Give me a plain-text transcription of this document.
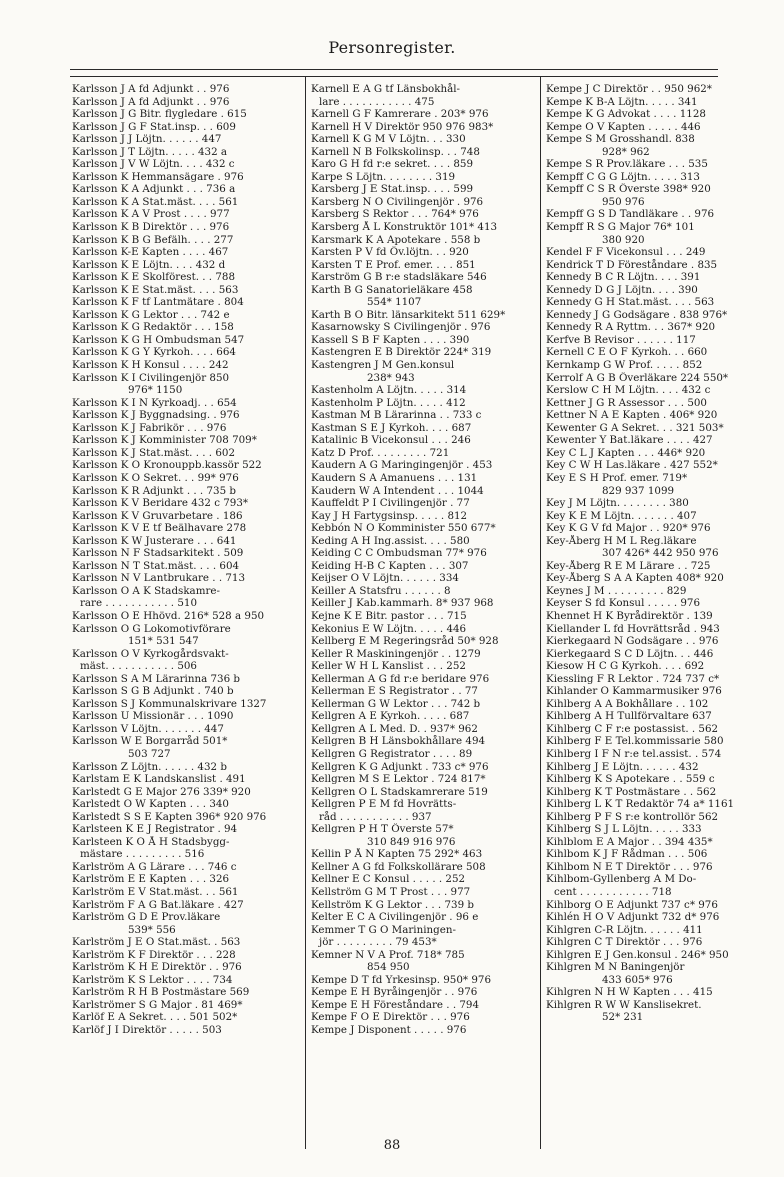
Personregister.
Karlsson J A fd Adjunkt . . 976
Karlsson J A fd Adjunkt . . 976
Karlsson J G Bitr. flygledare . 615
Karlsson J G F Stat.insp. . . 609
Karlsson J J Löjtn. . . . . . 447
Karlsson J T Löjtn. . . . . 432 a
Karlsson J V W Löjtn. . . . 432 c
Karlsson K Hemmansägare . 976
Karlsson K A Adjunkt . . . 736 a
Karlsson K A Stat.mäst. . . . 561
Karlsson K A V Prost . . . . 977
Karlsson K B Direktör . . . 976
Karlsson K B G Befälh. . . . 277
Karlsson K-E Kapten . . . . 467
Karlsson K E Löjtn. . . . 432 d
Karlsson K E Skolförest. . . 788
Karlsson K E Stat.mäst. . . . 563
Karlsson K F tf Lantmätare . 804
Karlsson K G Lektor . . . 742 e
Karlsson K G Redaktör . . . 158
Karlsson K G H Ombudsman 547
Karlsson K G Y Kyrkoh. . . . 664
Karlsson K H Konsul . . . . 242
Karlsson K I Civilingenjör 850
976* 1150
Karlsson K I N Kyrkoadj. . . 654
Karlsson K J Byggnadsing. . 976
Karlsson K J Fabrikör . . . 976
Karlsson K J Komminister 708 709*
Karlsson K J Stat.mäst. . . . 602
Karlsson K O Kronouppb.kassör 522
Karlsson K O Sekret. . . 99* 976
Karlsson K R Adjunkt . . . 735 b
Karlsson K V Beridare 432 c 793*
Karlsson K V Gruvarbetare . 186
Karlsson K V E tf Beälhavare 278
Karlsson K W Justerare . . . 641
Karlsson N F Stadsarkitekt . 509
Karlsson N T Stat.mäst. . . . 604
Karlsson N V Lantbrukare . . 713
Karlsson O A K Stadskamre-
rare . . . . . . . . . . . 510
Karlsson O E Hhövd. 216* 528 a 950
Karlsson O G Lokomotivförare
151* 531 547
Karlsson O V Kyrkogårdsvakt-
mäst. . . . . . . . . . . 506
Karlsson S A M Lärarinna 736 b
Karlsson S G B Adjunkt . 740 b
Karlsson S J Kommunalskrivare 1327
Karlsson U Missionär . . . 1090
Karlsson V Löjtn. . . . . . . 447
Karlsson W E Borgarråd 501*
503 727
Karlsson Z Löjtn. . . . . . 432 b
Karlstam E K Landskanslist . 491
Karlstedt G E Major 276 339* 920
Karlstedt O W Kapten . . . 340
Karlstedt S S E Kapten 396* 920 976
Karlsteen K E J Registrator . 94
Karlsteen K O Å H Stadsbygg-
mästare . . . . . . . . . 516
Karlström A G Lärare . . . 746 c
Karlström E E Kapten . . . 326
Karlström E V Stat.mäst. . . 561
Karlström F A G Bat.läkare . 427
Karlström G D E Prov.läkare
539* 556
Karlström J E O Stat.mäst. . 563
Karlström K F Direktör . . . 228
Karlström K H E Direktör . . 976
Karlström K S Lektor . . . . 734
Karlström R H B Postmästare 569
Karlströmer S G Major . 81 469*
Karlöf E A Sekret. . . . 501 502*
Karlöf J I Direktör . . . . . 503
Karnell E A G tf Länsbokhål-
lare . . . . . . . . . . . 475
Karnell G F Kamrerare . 203* 976
Karnell H V Direktör 950 976 983*
Karnell K G M V Löjtn. . . 330
Karnell N B Folkskolinsp. . . 748
Karo G H fd r:e sekret. . . . 859
Karpe S Löjtn. . . . . . . . 319
Karsberg J E Stat.insp. . . . 599
Karsberg N O Civilingenjör . 976
Karsberg S Rektor . . . 764* 976
Karsberg Å L Konstruktör 101* 413
Karsmark K A Apotekare . 558 b
Karsten P V fd Öv.löjtn. . . 920
Karsten T E Prof. emer. . . . 851
Karström G B r:e stadsläkare 546
Karth B G Sanatorieläkare 458
554* 1107
Karth B O Bitr. länsarkitekt 511 629*
Kasarnowsky S Civilingenjör . 976
Kassell S B F Kapten . . . . 390
Kastengren E B Direktör 224* 319
Kastengren J M Gen.konsul
238* 943
Kastenholm A Löjtn. . . . . 314
Kastenholm P Löjtn. . . . . 412
Kastman M B Lärarinna . . 733 c
Kastman S E J Kyrkoh. . . . 687
Katalinic B Vicekonsul . . . 246
Katz D Prof. . . . . . . . . 721
Kaudern A G Maringingenjör . 453
Kaudern S A Amanuens . . . 131
Kaudern W A Intendent . . . 1044
Kauffeldt P I Civilingenjör . 77
Kay J H Fartygsinsp. . . . . 812
Kebbón N O Komminister 550 677*
Keding A H Ing.assist. . . . 580
Keiding C C Ombudsman 77* 976
Keiding H-B C Kapten . . . 307
Keijser O V Löjtn. . . . . . 334
Keiller A Statsfru . . . . . . 8
Keiller J Kab.kammarh. 8* 937 968
Kejne K E Bitr. pastor . . . 715
Kekonius E W Löjtn. . . . . 446
Kellberg E M Regeringsråd 50* 928
Keller R Maskiningenjör . . 1279
Keller W H L Kanslist . . . 252
Kellerman A G fd r:e beridare 976
Kellerman E S Registrator . . 77
Kellerman G W Lektor . . . 742 b
Kellgren A E Kyrkoh. . . . . 687
Kellgren A L Med. D. . 937* 962
Kellgren B H Länsbokhållare 494
Kellgren G Registrator . . . . 89
Kellgren K G Adjunkt . 733 c* 976
Kellgren M S E Lektor . 724 817*
Kellgren O L Stadskamrerare 519
Kellgren P E M fd Hovrätts-
råd . . . . . . . . . . . 937
Kellgren P H T Överste 57*
310 849 916 976
Kellin P Å N Kapten 75 292* 463
Kellner A G fd Folkskollärare 508
Kellner E C Konsul . . . . . 252
Kellström G M T Prost . . . 977
Kellström K G Lektor . . . 739 b
Kelter E C A Civilingenjör . 96 e
Kemmer T G O Mariningen-
jör . . . . . . . . . 79 453*
Kemner N V A Prof. 718* 785
854 950
Kempe D T fd Yrkesinsp. 950* 976
Kempe E H Byråingenjör . . 976
Kempe E H Föreståndare . . 794
Kempe F O E Direktör . . . 976
Kempe J Disponent . . . . . 976
Kempe J C Direktör . . 950 962*
Kempe K B-A Löjtn. . . . . 341
Kempe K G Advokat . . . . 1128
Kempe O V Kapten . . . . . 446
Kempe S M Grosshandl. 838
928* 962
Kempe S R Prov.läkare . . . 535
Kempff C G G Löjtn. . . . . 313
Kempff C S R Överste 398* 920
950 976
Kempff G S D Tandläkare . . 976
Kempff R S G Major 76* 101
380 920
Kendel F F Vicekonsul . . . 249
Kendrick T D Föreståndare . 835
Kennedy B C R Löjtn. . . . 391
Kennedy D G J Löjtn. . . . 390
Kennedy G H Stat.mäst. . . . 563
Kennedy J G Godsägare . 838 976*
Kennedy R A Ryttm. . . 367* 920
Kerfve B Revisor . . . . . . 117
Kernell C E O F Kyrkoh. . . 660
Kernkamp G W Prof. . . . . 852
Kerrolf A G B Överläkare 224 550*
Kerslow C H M Löjtn. . . . 432 c
Kettner J G R Assessor . . . 500
Kettner N A E Kapten . 406* 920
Kewenter G A Sekret. . . 321 503*
Kewenter Y Bat.läkare . . . . 427
Key C L J Kapten . . . 446* 920
Key C W H Las.läkare . 427 552*
Key E S H Prof. emer. 719*
829 937 1099
Key J M Löjtn. . . . . . . . 380
Key K E M Löjtn. . . . . . . 407
Key K G V fd Major . . 920* 976
Key-Åberg H M L Reg.läkare
307 426* 442 950 976
Key-Åberg R E M Lärare . . 725
Key-Åberg S A A Kapten 408* 920
Keynes J M . . . . . . . . . 829
Keyser S fd Konsul . . . . . 976
Khennet H K Byrådirektör . 139
Kiellander L fd Hovrättsråd . 943
Kierkegaard N Godsägare . . 976
Kierkegaard S C D Löjtn. . . 446
Kiesow H C G Kyrkoh. . . . 692
Kiessling F R Lektor . 724 737 c*
Kihlander O Kammarmusiker 976
Kihlberg A A Bokhållare . . 102
Kihlberg A H Tullförvaltare 637
Kihlberg C F r:e postassist. . 562
Kihlberg F E Tel.kommissarie 580
Kihlberg I F N r:e tel.assist. . 574
Kihlberg J E Löjtn. . . . . . 432
Kihlberg K S Apotekare . . 559 c
Kihlberg K T Postmästare . . 562
Kihlberg L K T Redaktör 74 a* 1161
Kihlberg P F S r:e kontrollör 562
Kihlberg S J L Löjtn. . . . . 333
Kihlblom E A Major . . 394 435*
Kihlbom K J F Rådman . . . 506
Kihlbom N E T Direktör . . . 976
Kihlbom-Gyllenberg A M Do-
cent . . . . . . . . . . . 718
Kihlborg O E Adjunkt 737 c* 976
Kihlén H O V Adjunkt 732 d* 976
Kihlgren C-R Löjtn. . . . . . 411
Kihlgren C T Direktör . . . 976
Kihlgren E J Gen.konsul . 246* 950
Kihlgren M N Baningenjör
433 605* 976
Kihlgren N H W Kapten . . . 415
Kihlgren R W W Kanslisekret.
52* 231
88
